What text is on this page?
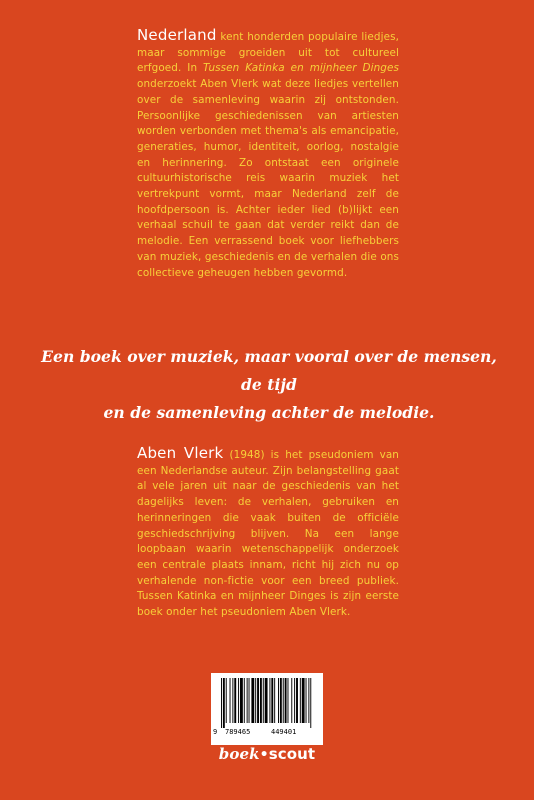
Nederland kent honderden populaire liedjes, maar sommige groeiden uit tot cultureel erfgoed. In Tussen Katinka en mijnheer Dinges onderzoekt Aben Vlerk wat deze liedjes vertellen over de samenleving waarin zij ontstonden. Persoonlijke geschiedenissen van artiesten worden verbonden met thema's als emancipatie, generaties, humor, identiteit, oorlog, nostalgie en herinnering. Zo ontstaat een originele cultuurhistorische reis waarin muziek het vertrekpunt vormt, maar Nederland zelf de hoofdpersoon is. Achter ieder lied (b)lijkt een verhaal schuil te gaan dat verder reikt dan de melodie. Een verrassend boek voor liefhebbers van muziek, geschiedenis en de verhalen die ons collectieve geheugen hebben gevormd.
Een boek over muziek, maar vooral over de mensen, de tijd
en de samenleving achter de melodie.
Aben Vlerk (1948) is het pseudoniem van een Nederlandse auteur. Zijn belangstelling gaat al vele jaren uit naar de geschiedenis van het dagelijks leven: de verhalen, gebruiken en herinneringen die vaak buiten de officiële geschiedschrijving blijven. Na een lange loopbaan waarin wetenschappelijk onderzoek een centrale plaats innam, richt hij zich nu op verhalende non-fictie voor een breed publiek. Tussen Katinka en mijnheer Dinges is zijn eerste boek onder het pseudoniem Aben Vlerk.
9 789465	449401
boek•scout
